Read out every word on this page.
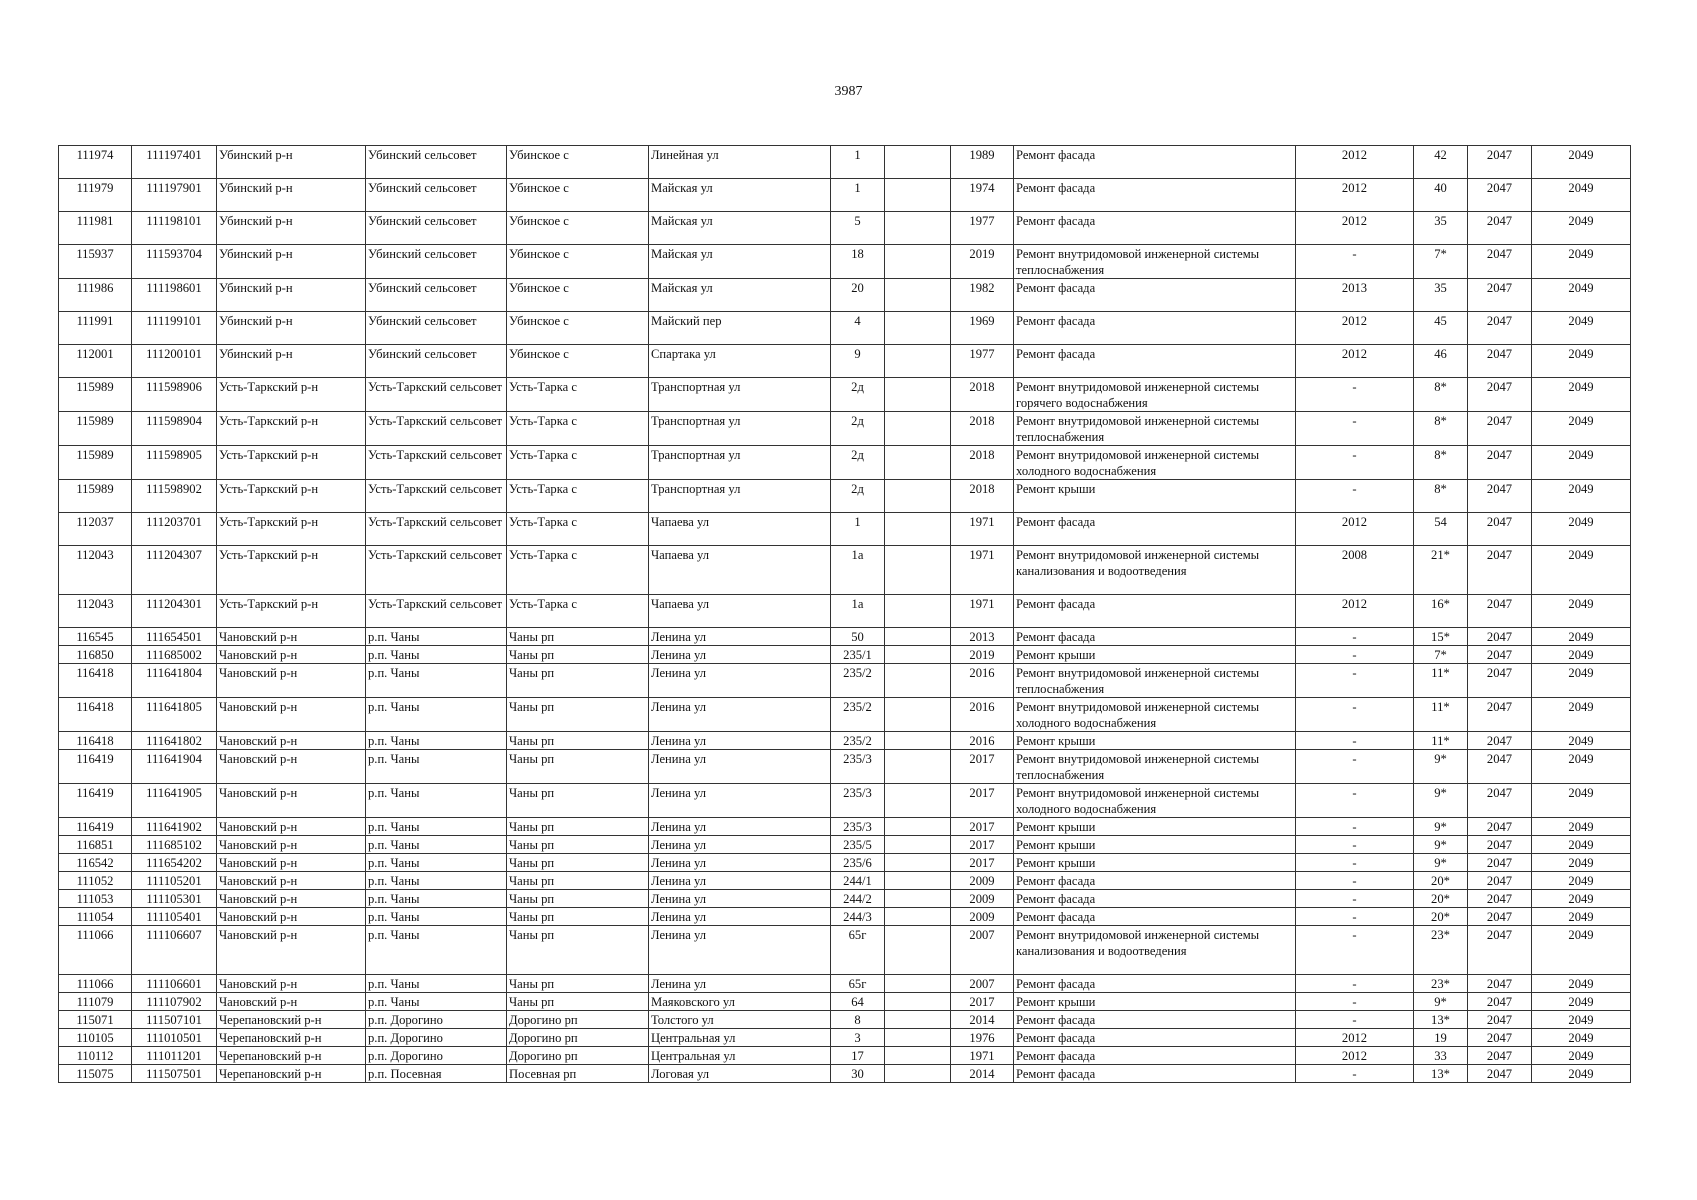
3987
111974	111197401	Убинский р-н	Убинский сельсовет	Убинское с	Линейная ул	1		1989	Ремонт фасада	2012	42	2047	2049
111979	111197901	Убинский р-н	Убинский сельсовет	Убинское с	Майская ул	1		1974	Ремонт фасада	2012	40	2047	2049
111981	111198101	Убинский р-н	Убинский сельсовет	Убинское с	Майская ул	5		1977	Ремонт фасада	2012	35	2047	2049
115937	111593704	Убинский р-н	Убинский сельсовет	Убинское с	Майская ул	18		2019	Ремонт внутридомовой инженерной системы теплоснабжения	-	7*	2047	2049
111986	111198601	Убинский р-н	Убинский сельсовет	Убинское с	Майская ул	20		1982	Ремонт фасада	2013	35	2047	2049
111991	111199101	Убинский р-н	Убинский сельсовет	Убинское с	Майский пер	4		1969	Ремонт фасада	2012	45	2047	2049
112001	111200101	Убинский р-н	Убинский сельсовет	Убинское с	Спартака ул	9		1977	Ремонт фасада	2012	46	2047	2049
115989	111598906	Усть-Таркский р-н	Усть-Таркский сельсовет	Усть-Тарка с	Транспортная ул	2д		2018	Ремонт внутридомовой инженерной системы горячего водоснабжения	-	8*	2047	2049
115989	111598904	Усть-Таркский р-н	Усть-Таркский сельсовет	Усть-Тарка с	Транспортная ул	2д		2018	Ремонт внутридомовой инженерной системы теплоснабжения	-	8*	2047	2049
115989	111598905	Усть-Таркский р-н	Усть-Таркский сельсовет	Усть-Тарка с	Транспортная ул	2д		2018	Ремонт внутридомовой инженерной системы холодного водоснабжения	-	8*	2047	2049
115989	111598902	Усть-Таркский р-н	Усть-Таркский сельсовет	Усть-Тарка с	Транспортная ул	2д		2018	Ремонт крыши	-	8*	2047	2049
112037	111203701	Усть-Таркский р-н	Усть-Таркский сельсовет	Усть-Тарка с	Чапаева ул	1		1971	Ремонт фасада	2012	54	2047	2049
112043	111204307	Усть-Таркский р-н	Усть-Таркский сельсовет	Усть-Тарка с	Чапаева ул	1а		1971	Ремонт внутридомовой инженерной системы канализования и водоотведения	2008	21*	2047	2049
112043	111204301	Усть-Таркский р-н	Усть-Таркский сельсовет	Усть-Тарка с	Чапаева ул	1а		1971	Ремонт фасада	2012	16*	2047	2049
116545	111654501	Чановский р-н	р.п. Чаны	Чаны рп	Ленина ул	50		2013	Ремонт фасада	-	15*	2047	2049
116850	111685002	Чановский р-н	р.п. Чаны	Чаны рп	Ленина ул	235/1		2019	Ремонт крыши	-	7*	2047	2049
116418	111641804	Чановский р-н	р.п. Чаны	Чаны рп	Ленина ул	235/2		2016	Ремонт внутридомовой инженерной системы теплоснабжения	-	11*	2047	2049
116418	111641805	Чановский р-н	р.п. Чаны	Чаны рп	Ленина ул	235/2		2016	Ремонт внутридомовой инженерной системы холодного водоснабжения	-	11*	2047	2049
116418	111641802	Чановский р-н	р.п. Чаны	Чаны рп	Ленина ул	235/2		2016	Ремонт крыши	-	11*	2047	2049
116419	111641904	Чановский р-н	р.п. Чаны	Чаны рп	Ленина ул	235/3		2017	Ремонт внутридомовой инженерной системы теплоснабжения	-	9*	2047	2049
116419	111641905	Чановский р-н	р.п. Чаны	Чаны рп	Ленина ул	235/3		2017	Ремонт внутридомовой инженерной системы холодного водоснабжения	-	9*	2047	2049
116419	111641902	Чановский р-н	р.п. Чаны	Чаны рп	Ленина ул	235/3		2017	Ремонт крыши	-	9*	2047	2049
116851	111685102	Чановский р-н	р.п. Чаны	Чаны рп	Ленина ул	235/5		2017	Ремонт крыши	-	9*	2047	2049
116542	111654202	Чановский р-н	р.п. Чаны	Чаны рп	Ленина ул	235/6		2017	Ремонт крыши	-	9*	2047	2049
111052	111105201	Чановский р-н	р.п. Чаны	Чаны рп	Ленина ул	244/1		2009	Ремонт фасада	-	20*	2047	2049
111053	111105301	Чановский р-н	р.п. Чаны	Чаны рп	Ленина ул	244/2		2009	Ремонт фасада	-	20*	2047	2049
111054	111105401	Чановский р-н	р.п. Чаны	Чаны рп	Ленина ул	244/3		2009	Ремонт фасада	-	20*	2047	2049
111066	111106607	Чановский р-н	р.п. Чаны	Чаны рп	Ленина ул	65г		2007	Ремонт внутридомовой инженерной системы канализования и водоотведения	-	23*	2047	2049
111066	111106601	Чановский р-н	р.п. Чаны	Чаны рп	Ленина ул	65г		2007	Ремонт фасада	-	23*	2047	2049
111079	111107902	Чановский р-н	р.п. Чаны	Чаны рп	Маяковского ул	64		2017	Ремонт крыши	-	9*	2047	2049
115071	111507101	Черепановский р-н	р.п. Дорогино	Дорогино рп	Толстого ул	8		2014	Ремонт фасада	-	13*	2047	2049
110105	111010501	Черепановский р-н	р.п. Дорогино	Дорогино рп	Центральная ул	3		1976	Ремонт фасада	2012	19	2047	2049
110112	111011201	Черепановский р-н	р.п. Дорогино	Дорогино рп	Центральная ул	17		1971	Ремонт фасада	2012	33	2047	2049
115075	111507501	Черепановский р-н	р.п. Посевная	Посевная рп	Логовая ул	30		2014	Ремонт фасада	-	13*	2047	2049
